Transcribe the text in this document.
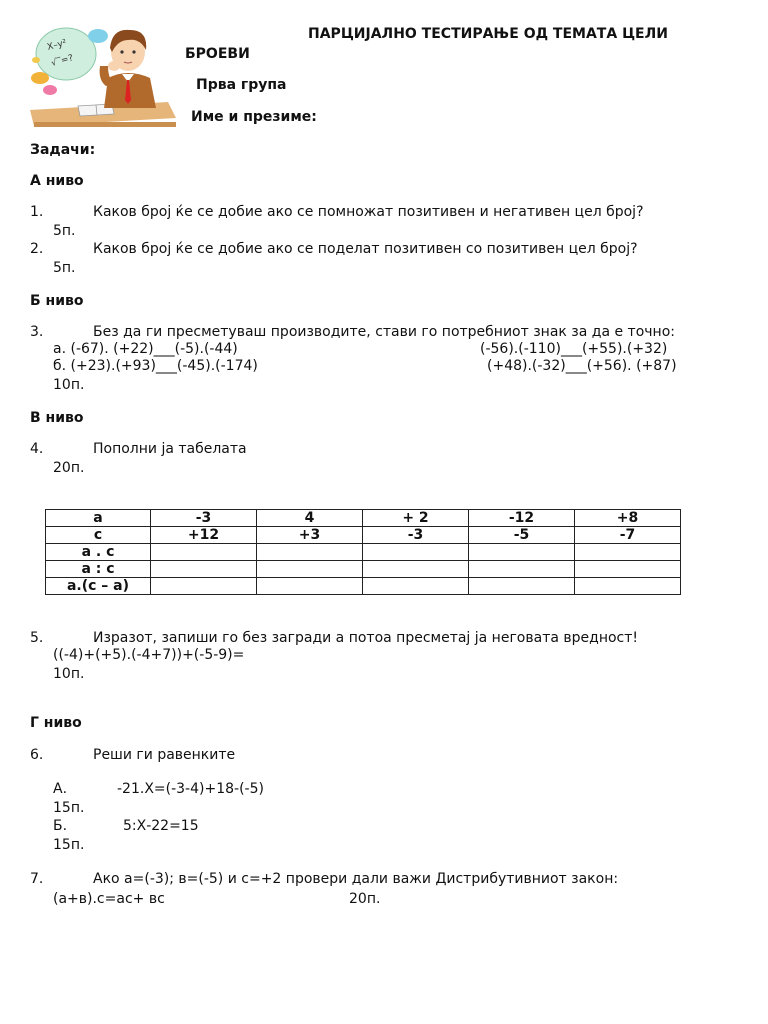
X–y²
√‾=?
ПАРЦИЈАЛНО ТЕСТИРАЊЕ ОД ТЕМАТА ЦЕЛИ
БРОЕВИ
Прва група
Име и презиме:
Задачи:
А ниво
1.	Каков број ќе се добие ако се помножат позитивен и негативен цел број?
5п.
2.	Каков број ќе се добие ако се поделат позитивен со позитивен цел број?
5п.
Б ниво
3.	Без да ги пресметуваш производите, стави го потребниот знак за да е точно:
а. (-67). (+22)___(-5).(-44)	(-56).(-110)___(+55).(+32)
б. (+23).(+93)___(-45).(-174)	(+48).(-32)___(+56). (+87)
10п.
В ниво
4.	Пополни ја табелата
20п.
a	-3	4	+ 2	-12	+8
c	+12	+3	-3	-5	-7
a . c					
a : c					
a.(c – a)					
5.	Изразот, запиши го без загради а потоа пресметај ја неговата вредност!
((-4)+(+5).(-4+7))+(-5-9)=
10п.
Г ниво
6.	Реши ги равенките
А.	-21.Х=(-3-4)+18-(-5)
15п.
Б.	5:Х-22=15
15п.
7.	Ако а=(-3); в=(-5) и с=+2 провери дали важи Дистрибутивниот закон:
(а+в).с=ас+ вс	20п.
